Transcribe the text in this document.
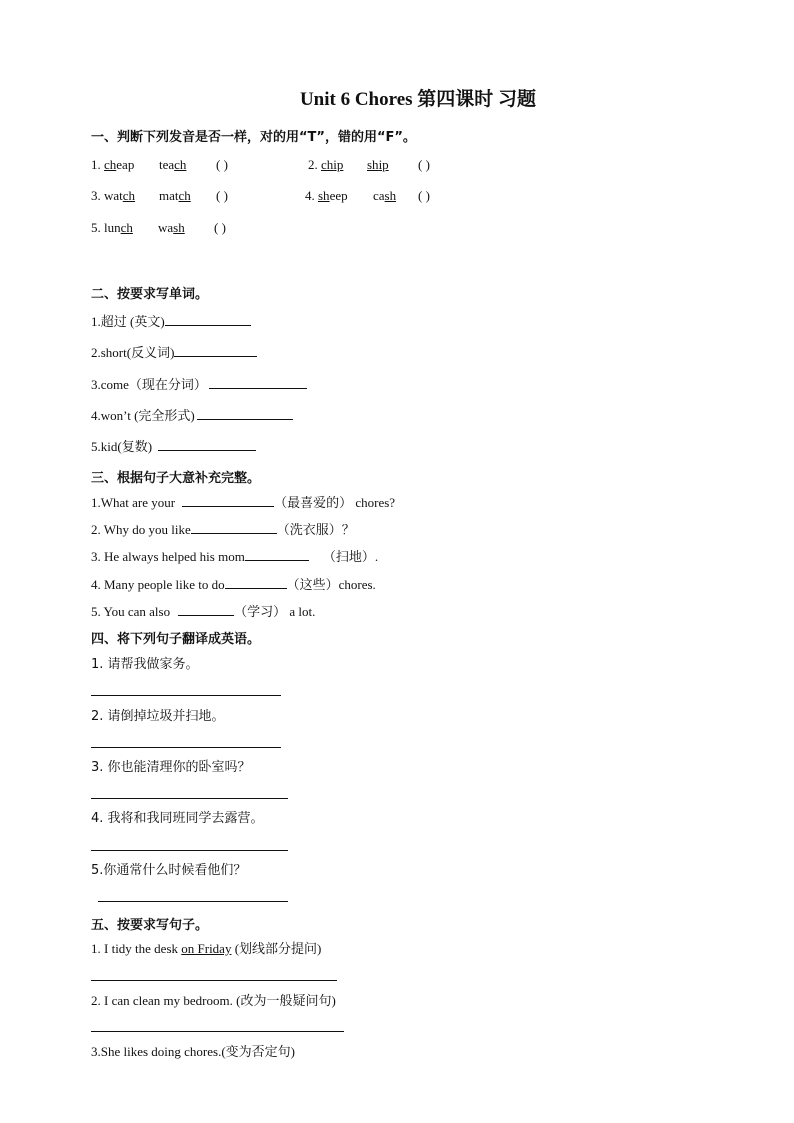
Unit 6 Chores 第四课时 习题
一、判断下列发音是否一样，对的用“T”，错的用“F”。
1. cheap teach ( )	2. chip ship ( )
3. watch match ( )	4. sheep cash ( )
5. lunch wash ( )
二、按要求写单词。
1.超过 (英文)
2.short(反义词)
3.come（现在分词）
4.won’t (完全形式)
5.kid(复数)
三、根据句子大意补充完整。
1.What are your	（最喜爱的） chores?
2. Why do you like	（洗衣服）？
3. He always helped his mom	（扫地）.
4. Many people like to do	（这些）chores.
5. You can also	（学习） a lot.
四、将下列句子翻译成英语。
1. 请帮我做家务。
2. 请倒掉垃圾并扫地。
3. 你也能清理你的卧室吗？
4. 我将和我同班同学去露营。
5.你通常什么时候看他们？
五、按要求写句子。
1. I tidy the desk on Friday (划线部分提问)
2. I can clean my bedroom. (改为一般疑问句)
3.She likes doing chores.(变为否定句)
